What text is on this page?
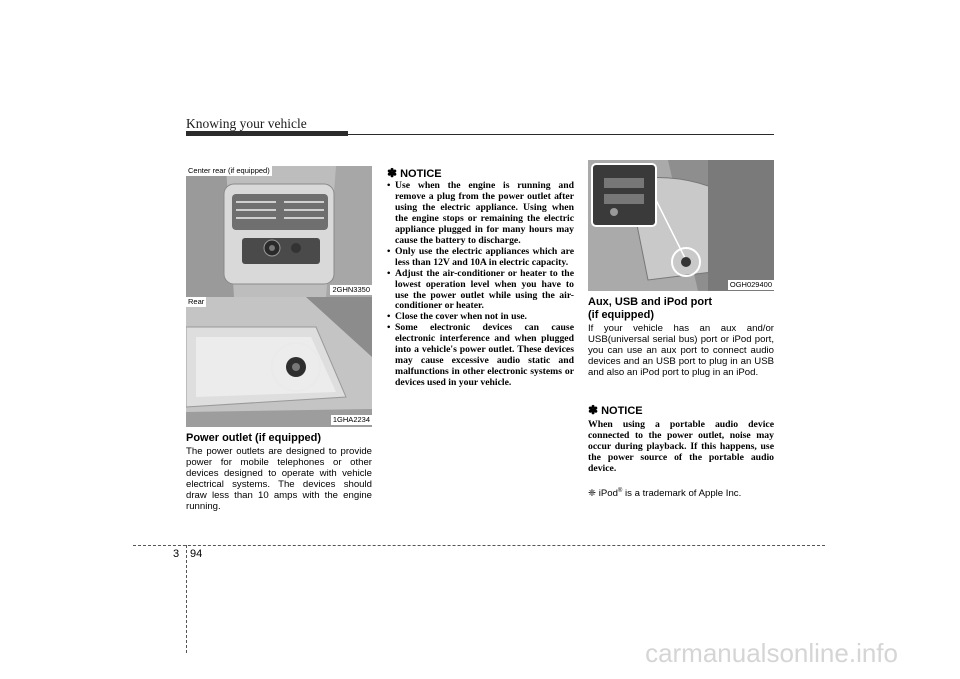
Knowing your vehicle
Center rear (if equipped)
2GHN3350
Rear
1GHA2234
Power outlet (if equipped)

The power outlets are designed to provide power for mobile telephones or other devices designed to operate with vehicle electrical systems. The devices should draw less than 10 amps with the engine running.

✽ NOTICE
• Use when the engine is running and remove a plug from the power outlet after using the electric appliance. Using when the engine stops or remaining the electric appliance plugged in for many hours may cause the battery to discharge.
• Only use the electric appliances which are less than 12V and 10A in electric capacity.
• Adjust the air-conditioner or heater to the lowest operation level when you have to use the power outlet while using the air-conditioner or heater.
• Close the cover when not in use.
• Some electronic devices can cause electronic interference and when plugged into a vehicle's power outlet. These devices may cause excessive audio static and malfunctions in other electronic systems or devices used in your vehicle.
OGH029400
Aux, USB and iPod port
(if equipped)

If your vehicle has an aux and/or USB(universal serial bus) port or iPod port, you can use an aux port to connect audio devices and an USB port to plug in an USB and also an iPod port to plug in an iPod.

✽ NOTICE

When using a portable audio device connected to the power outlet, noise may occur during playback. If this happens, use the power source of the portable audio device.

❈ iPod® is a trademark of Apple Inc.
3 94
carmanualsonline.info
